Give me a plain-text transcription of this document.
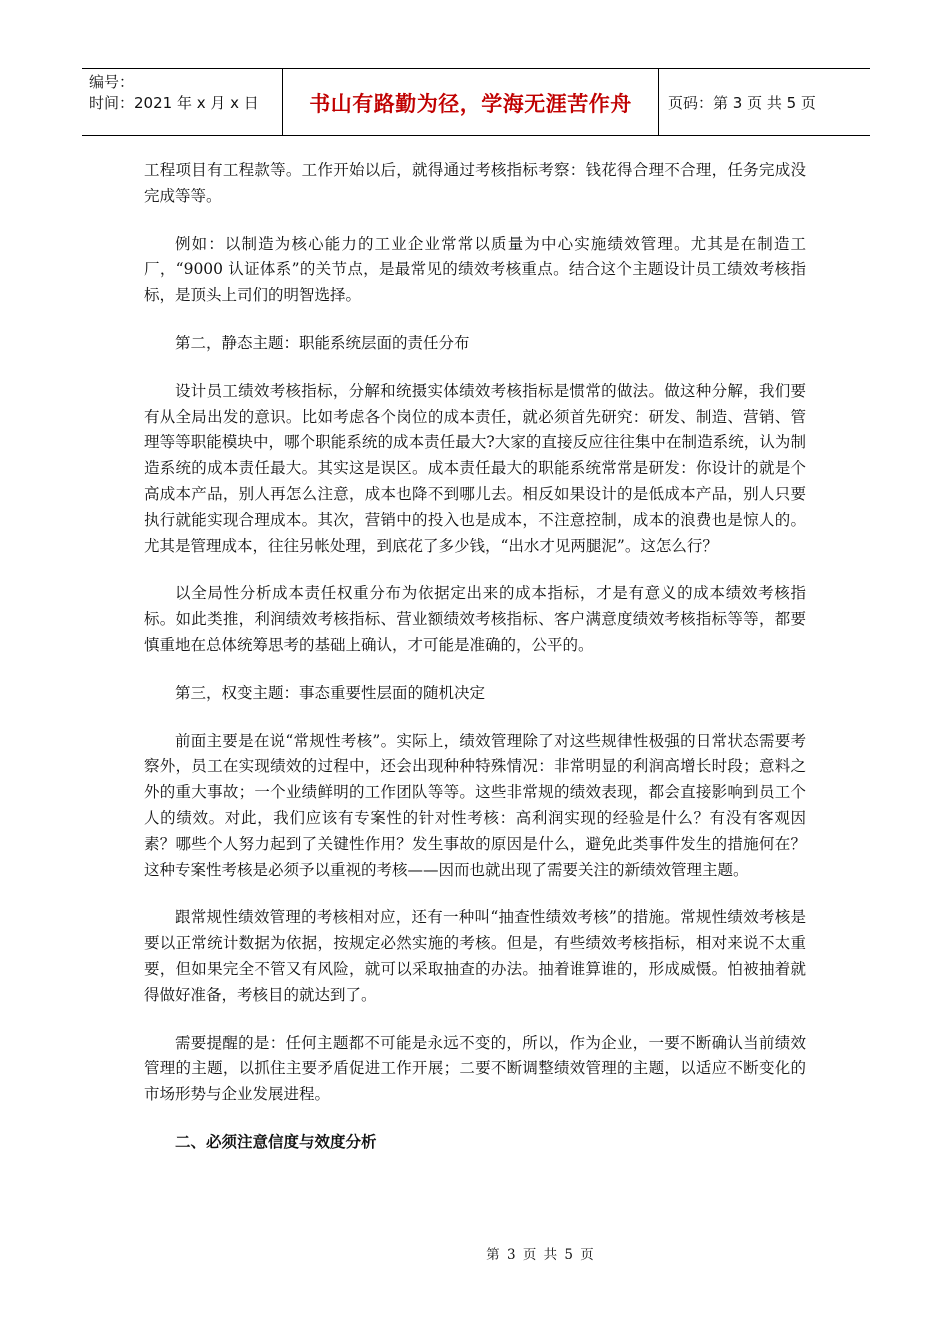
编号：
时间：2021 年 x 月 x 日	书山有路勤为径，学海无涯苦作舟 页码：第 3 页 共 5 页

工程项目有工程款等。工作开始以后，就得通过考核指标考察：钱花得合理不合理，任务完成没完成等等。

例如：以制造为核心能力的工业企业常常以质量为中心实施绩效管理。尤其是在制造工厂，“9000 认证体系”的关节点，是最常见的绩效考核重点。结合这个主题设计员工绩效考核指标，是顶头上司们的明智选择。

第二，静态主题：职能系统层面的责任分布

设计员工绩效考核指标，分解和统摄实体绩效考核指标是惯常的做法。做这种分解，我们要有从全局出发的意识。比如考虑各个岗位的成本责任，就必须首先研究：研发、制造、营销、管理等等职能模块中，哪个职能系统的成本责任最大?大家的直接反应往往集中在制造系统，认为制造系统的成本责任最大。其实这是误区。成本责任最大的职能系统常常是研发：你设计的就是个高成本产品，别人再怎么注意，成本也降不到哪儿去。相反如果设计的是低成本产品，别人只要执行就能实现合理成本。其次，营销中的投入也是成本，不注意控制，成本的浪费也是惊人的。尤其是管理成本，往往另帐处理，到底花了多少钱，“出水才见两腿泥”。这怎么行？

以全局性分析成本责任权重分布为依据定出来的成本指标，才是有意义的成本绩效考核指标。如此类推，利润绩效考核指标、营业额绩效考核指标、客户满意度绩效考核指标等等，都要慎重地在总体统筹思考的基础上确认，才可能是准确的，公平的。

第三，权变主题：事态重要性层面的随机决定

前面主要是在说“常规性考核”。实际上，绩效管理除了对这些规律性极强的日常状态需要考察外，员工在实现绩效的过程中，还会出现种种特殊情况：非常明显的利润高增长时段；意料之外的重大事故；一个业绩鲜明的工作团队等等。这些非常规的绩效表现，都会直接影响到员工个人的绩效。对此，我们应该有专案性的针对性考核：高利润实现的经验是什么？有没有客观因素？哪些个人努力起到了关键性作用？发生事故的原因是什么，避免此类事件发生的措施何在？这种专案性考核是必须予以重视的考核——因而也就出现了需要关注的新绩效管理主题。

跟常规性绩效管理的考核相对应，还有一种叫“抽查性绩效考核”的措施。常规性绩效考核是要以正常统计数据为依据，按规定必然实施的考核。但是，有些绩效考核指标，相对来说不太重要，但如果完全不管又有风险，就可以采取抽查的办法。抽着谁算谁的，形成威慑。怕被抽着就得做好准备，考核目的就达到了。

需要提醒的是：任何主题都不可能是永远不变的，所以，作为企业，一要不断确认当前绩效管理的主题，以抓住主要矛盾促进工作开展；二要不断调整绩效管理的主题，以适应不断变化的市场形势与企业发展进程。

二、必须注意信度与效度分析

第 3 页 共 5 页
